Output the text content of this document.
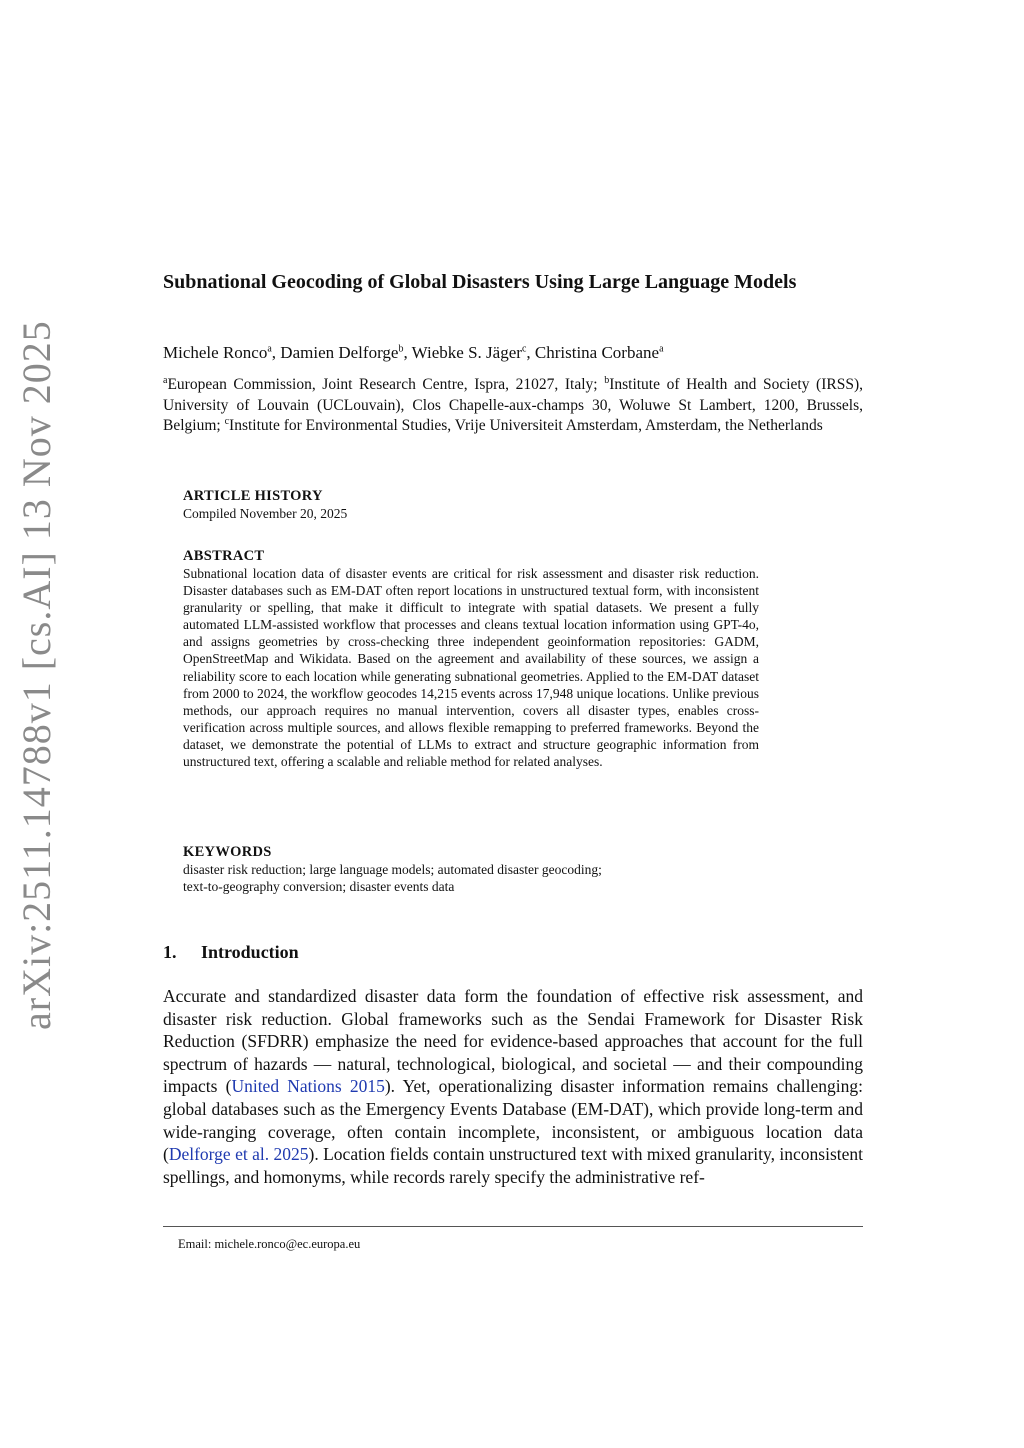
arXiv:2511.14788v1 [cs.AI] 13 Nov 2025
Subnational Geocoding of Global Disasters Using Large Language Models
Michele Ronco$^a$, Damien Delforge$^b$, Wiebke S. Jäger$^c$, Christina Corbane$^a$
$^a$European Commission, Joint Research Centre, Ispra, 21027, Italy; $^b$Institute of Health and Society (IRSS), University of Louvain (UCLouvain), Clos Chapelle-aux-champs 30, Woluwe St Lambert, 1200, Brussels, Belgium; $^c$Institute for Environmental Studies, Vrije Universiteit Amsterdam, Amsterdam, the Netherlands
ARTICLE HISTORY
Compiled November 20, 2025
ABSTRACT
Subnational location data of disaster events are critical for risk assessment and disaster risk reduction. Disaster databases such as EM-DAT often report locations in unstructured textual form, with inconsistent granularity or spelling, that make it difficult to integrate with spatial datasets. We present a fully automated LLM-assisted workflow that processes and cleans textual location information using GPT-4o, and assigns geometries by cross-checking three independent geoinformation repositories: GADM, OpenStreetMap and Wikidata. Based on the agreement and availability of these sources, we assign a reliability score to each location while generating subnational geometries. Applied to the EM-DAT dataset from 2000 to 2024, the workflow geocodes 14,215 events across 17,948 unique locations. Unlike previous methods, our approach requires no manual intervention, covers all disaster types, enables cross-verification across multiple sources, and allows flexible remapping to preferred frameworks. Beyond the dataset, we demonstrate the potential of LLMs to extract and structure geographic information from unstructured text, offering a scalable and reliable method for related analyses.
KEYWORDS
disaster risk reduction; large language models; automated disaster geocoding;
text-to-geography conversion; disaster events data
1. Introduction
Accurate and standardized disaster data form the foundation of effective risk assessment, and disaster risk reduction. Global frameworks such as the Sendai Framework for Disaster Risk Reduction (SFDRR) emphasize the need for evidence-based approaches that account for the full spectrum of hazards — natural, technological, biological, and societal — and their compounding impacts (United Nations 2015). Yet, operationalizing disaster information remains challenging: global databases such as the Emergency Events Database (EM-DAT), which provide long-term and wide-ranging coverage, often contain incomplete, inconsistent, or ambiguous location data (Delforge et al. 2025). Location fields contain unstructured text with mixed granularity, inconsistent spellings, and homonyms, while records rarely specify the administrative ref-
Email: michele.ronco@ec.europa.eu
